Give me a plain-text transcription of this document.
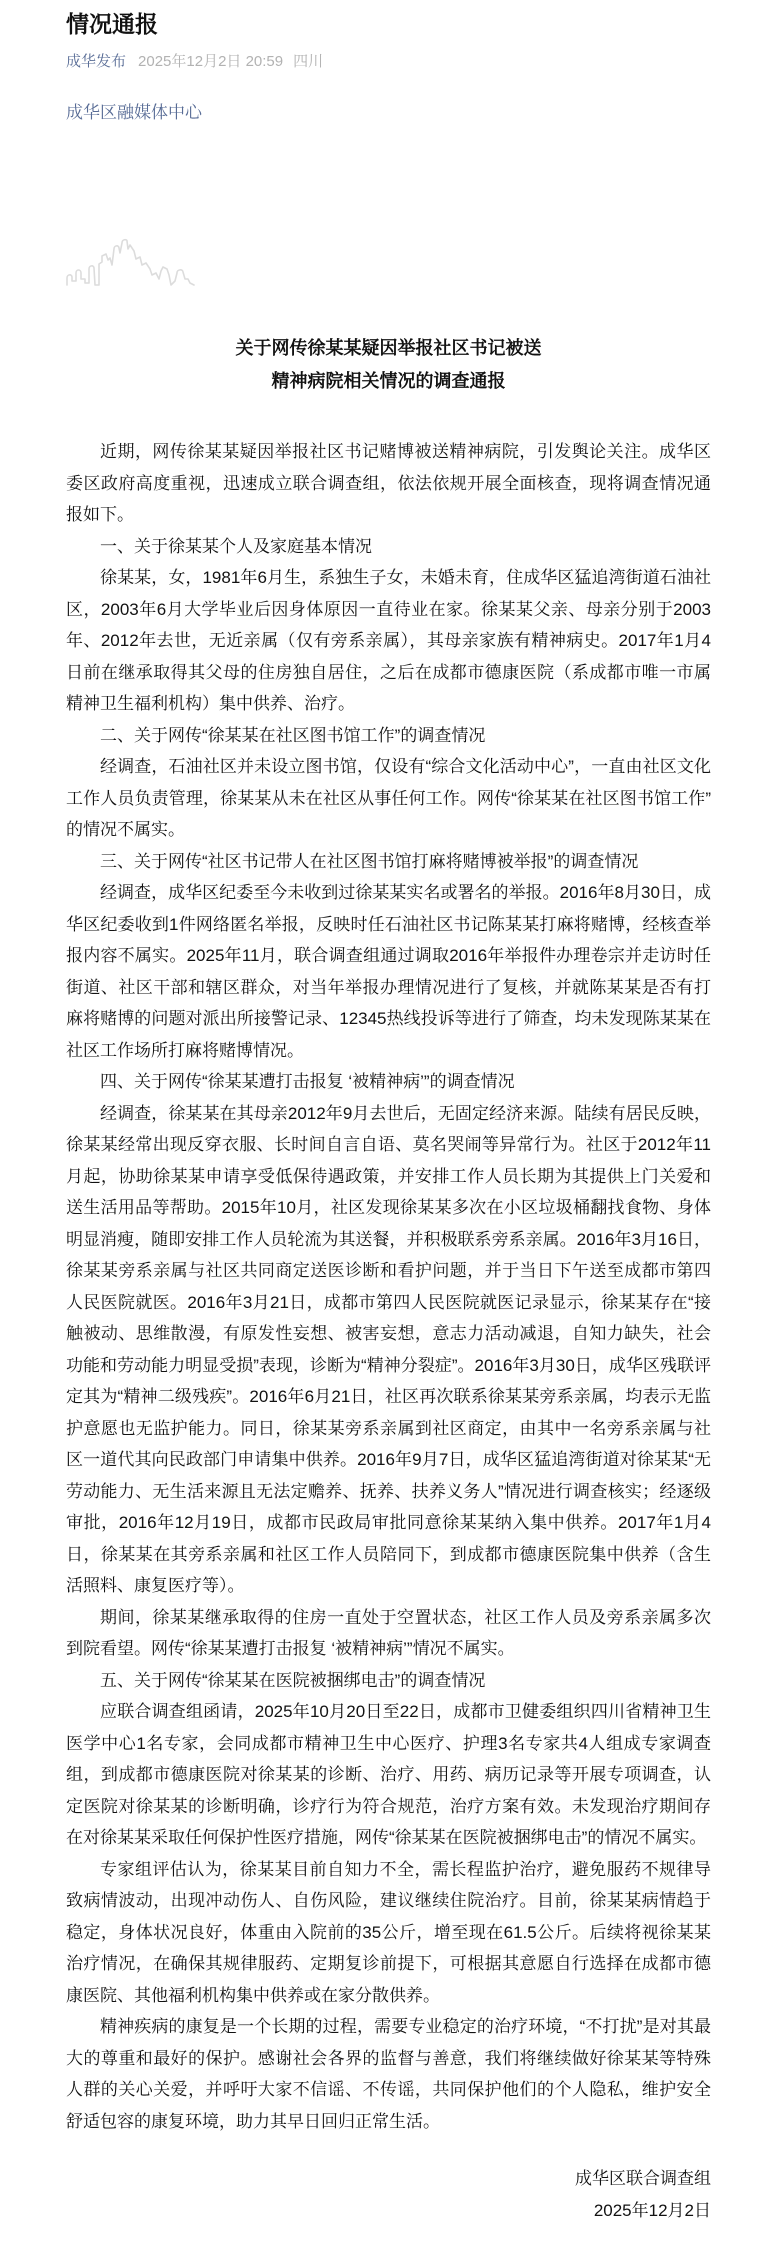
情况通报
成华发布 2025年12月2日 20:59 四川
成华区融媒体中心
关于网传徐某某疑因举报社区书记被送
精神病院相关情况的调查通报

近期，网传徐某某疑因举报社区书记赌博被送精神病院，引发舆论关注。成华区委区政府高度重视，迅速成立联合调查组，依法依规开展全面核查，现将调查情况通报如下。

一、关于徐某某个人及家庭基本情况

徐某某，女，1981年6月生，系独生子女，未婚未育，住成华区猛追湾街道石油社区，2003年6月大学毕业后因身体原因一直待业在家。徐某某父亲、母亲分别于2003年、2012年去世，无近亲属（仅有旁系亲属），其母亲家族有精神病史。2017年1月4日前在继承取得其父母的住房独自居住，之后在成都市德康医院（系成都市唯一市属精神卫生福利机构）集中供养、治疗。

二、关于网传“徐某某在社区图书馆工作”的调查情况

经调查，石油社区并未设立图书馆，仅设有“综合文化活动中心”，一直由社区文化工作人员负责管理，徐某某从未在社区从事任何工作。网传“徐某某在社区图书馆工作”的情况不属实。

三、关于网传“社区书记带人在社区图书馆打麻将赌博被举报”的调查情况

经调查，成华区纪委至今未收到过徐某某实名或署名的举报。2016年8月30日，成华区纪委收到1件网络匿名举报，反映时任石油社区书记陈某某打麻将赌博，经核查举报内容不属实。2025年11月，联合调查组通过调取2016年举报件办理卷宗并走访时任街道、社区干部和辖区群众，对当年举报办理情况进行了复核，并就陈某某是否有打麻将赌博的问题对派出所接警记录、12345热线投诉等进行了筛查，均未发现陈某某在社区工作场所打麻将赌博情况。

四、关于网传“徐某某遭打击报复 ‘被精神病’”的调查情况

经调查，徐某某在其母亲2012年9月去世后，无固定经济来源。陆续有居民反映，徐某某经常出现反穿衣服、长时间自言自语、莫名哭闹等异常行为。社区于2012年11月起，协助徐某某申请享受低保待遇政策，并安排工作人员长期为其提供上门关爱和送生活用品等帮助。2015年10月，社区发现徐某某多次在小区垃圾桶翻找食物、身体明显消瘦，随即安排工作人员轮流为其送餐，并积极联系旁系亲属。2016年3月16日，徐某某旁系亲属与社区共同商定送医诊断和看护问题，并于当日下午送至成都市第四人民医院就医。2016年3月21日，成都市第四人民医院就医记录显示，徐某某存在“接触被动、思维散漫，有原发性妄想、被害妄想，意志力活动减退，自知力缺失，社会功能和劳动能力明显受损”表现，诊断为“精神分裂症”。2016年3月30日，成华区残联评定其为“精神二级残疾”。2016年6月21日，社区再次联系徐某某旁系亲属，均表示无监护意愿也无监护能力。同日，徐某某旁系亲属到社区商定，由其中一名旁系亲属与社区一道代其向民政部门申请集中供养。2016年9月7日，成华区猛追湾街道对徐某某“无劳动能力、无生活来源且无法定赡养、抚养、扶养义务人”情况进行调查核实；经逐级审批，2016年12月19日，成都市民政局审批同意徐某某纳入集中供养。2017年1月4日，徐某某在其旁系亲属和社区工作人员陪同下，到成都市德康医院集中供养（含生活照料、康复医疗等）。

期间，徐某某继承取得的住房一直处于空置状态，社区工作人员及旁系亲属多次到院看望。网传“徐某某遭打击报复 ‘被精神病’”情况不属实。

五、关于网传“徐某某在医院被捆绑电击”的调查情况

应联合调查组函请，2025年10月20日至22日，成都市卫健委组织四川省精神卫生医学中心1名专家，会同成都市精神卫生中心医疗、护理3名专家共4人组成专家调查组，到成都市德康医院对徐某某的诊断、治疗、用药、病历记录等开展专项调查，认定医院对徐某某的诊断明确，诊疗行为符合规范，治疗方案有效。未发现治疗期间存在对徐某某采取任何保护性医疗措施，网传“徐某某在医院被捆绑电击”的情况不属实。

专家组评估认为，徐某某目前自知力不全，需长程监护治疗，避免服药不规律导致病情波动，出现冲动伤人、自伤风险，建议继续住院治疗。目前，徐某某病情趋于稳定，身体状况良好，体重由入院前的35公斤，增至现在61.5公斤。后续将视徐某某治疗情况，在确保其规律服药、定期复诊前提下，可根据其意愿自行选择在成都市德康医院、其他福利机构集中供养或在家分散供养。

精神疾病的康复是一个长期的过程，需要专业稳定的治疗环境，“不打扰”是对其最大的尊重和最好的保护。感谢社会各界的监督与善意，我们将继续做好徐某某等特殊人群的关心关爱，并呼吁大家不信谣、不传谣，共同保护他们的个人隐私，维护安全舒适包容的康复环境，助力其早日回归正常生活。

成华区联合调查组
2025年12月2日
